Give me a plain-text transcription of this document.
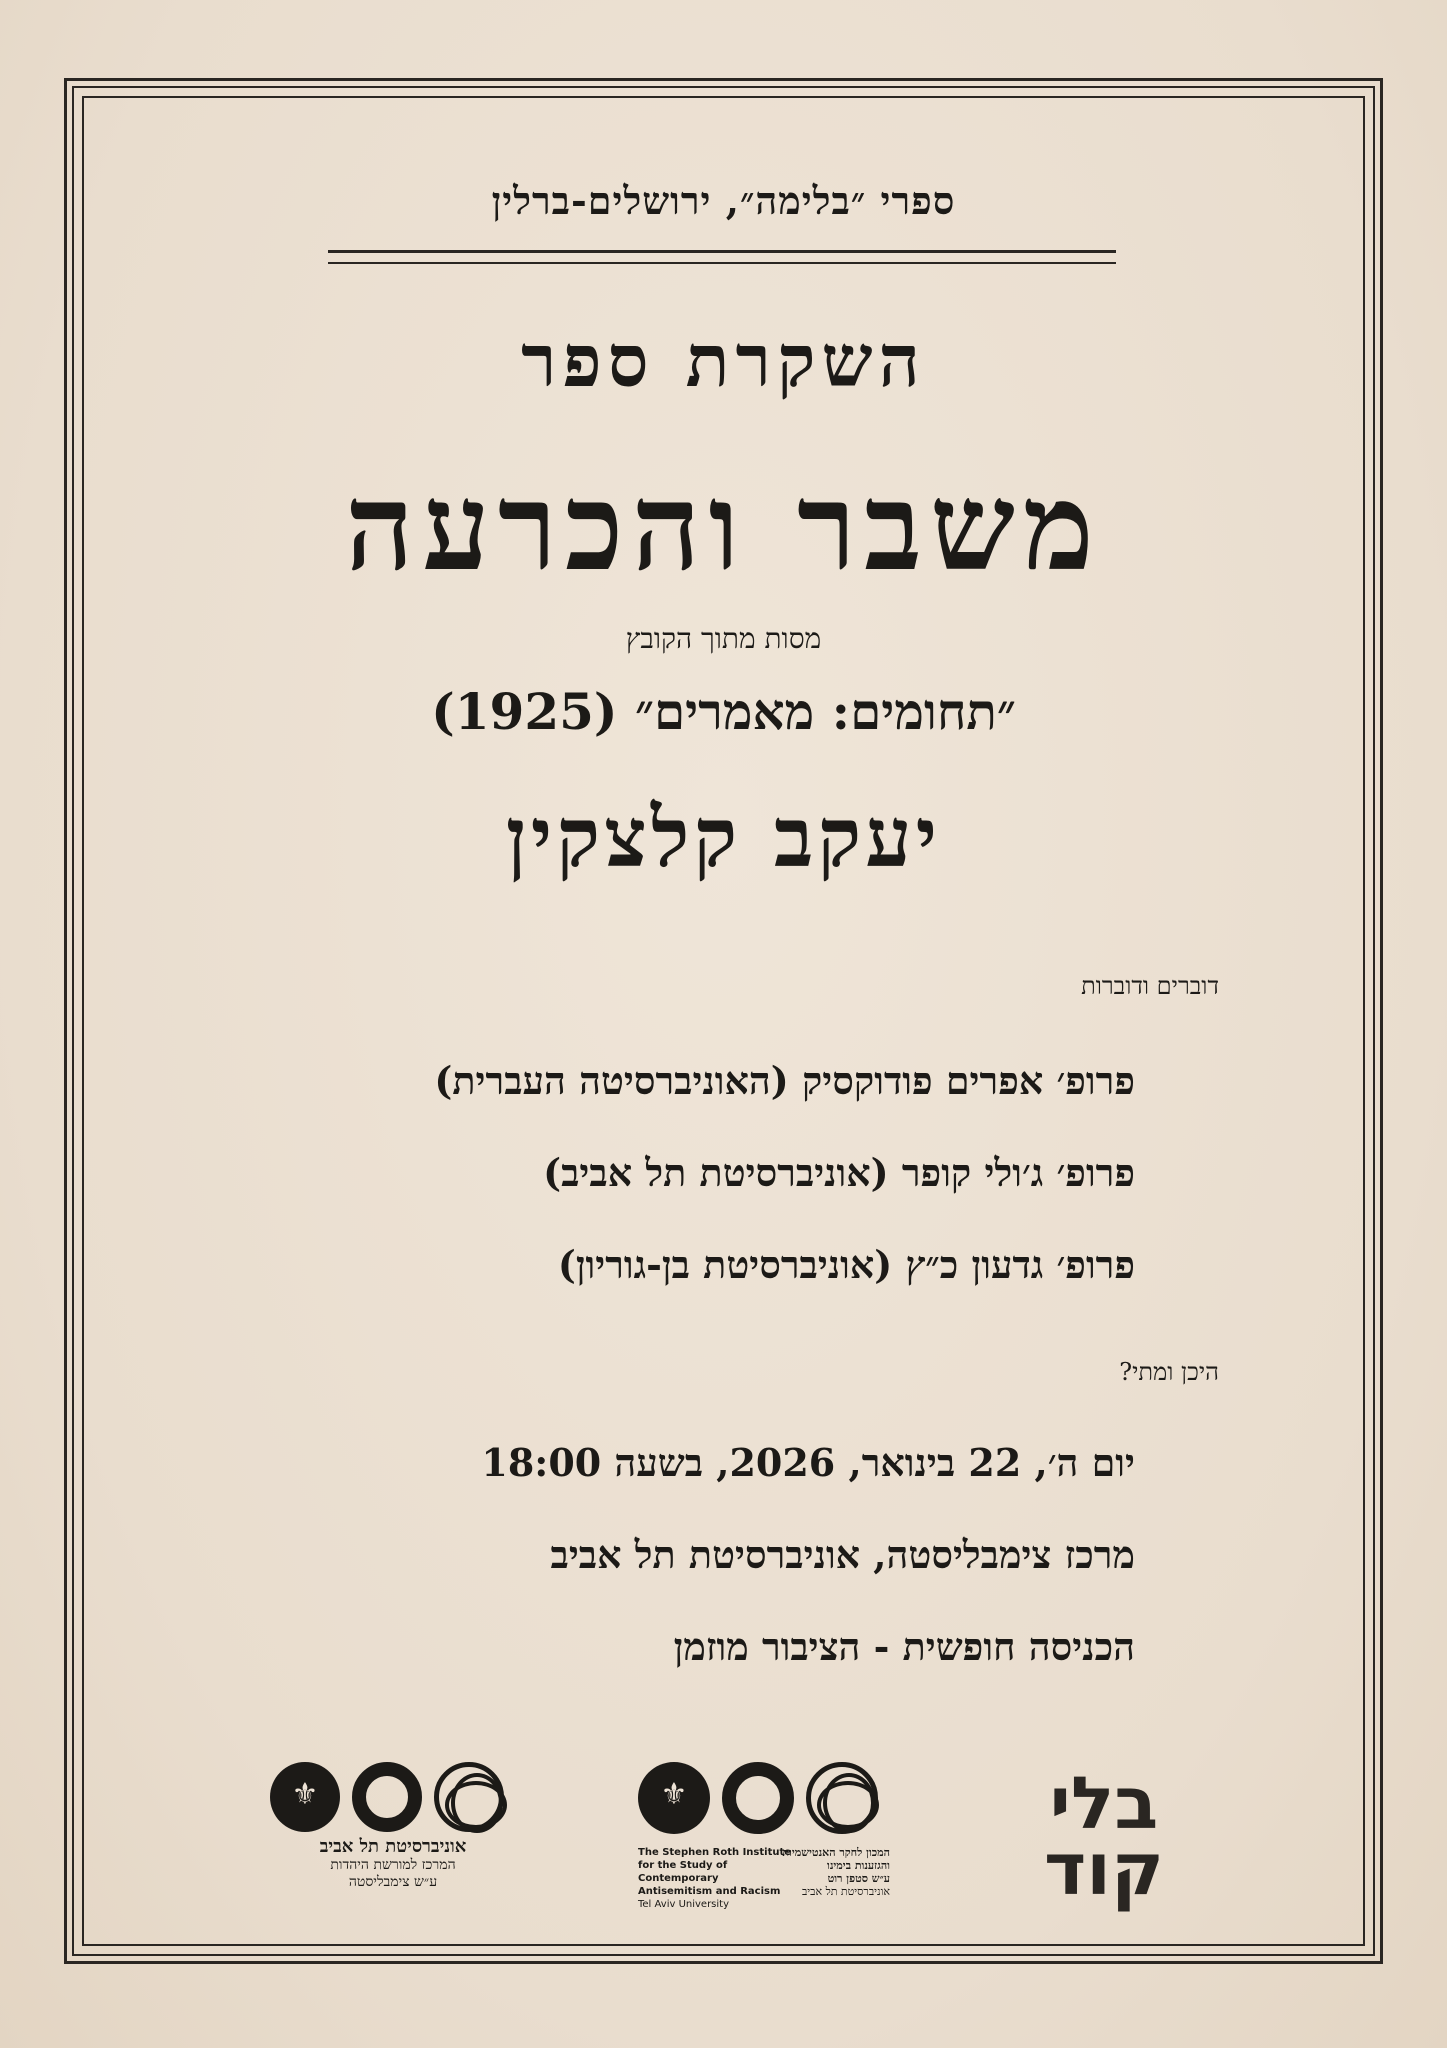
ספרי ״בלימה״, ירושלים-ברלין
השקרת ספר
משבר והכרעה
מסות מתוך הקובץ
״תחומים: מאמרים״ (1925)
יעקב קלצקין
דוברים ודוברות
פרופ׳ אפרים פודוקסיק (האוניברסיטה העברית)
פרופ׳ ג׳ולי קופר (אוניברסיטת תל אביב)
פרופ׳ גדעון כ״ץ (אוניברסיטת בן-גוריון)
היכן ומתי?
יום ה׳, 22 בינואר, 2026, בשעה 18:00
מרכז צימבליסטה, אוניברסיטת תל אביב
הכניסה חופשית - הציבור מוזמן
⚜
אוניברסיטת תל אביב
המרכז למורשת היהדות
ע״ש צימבליסטה
⚜
The Stephen Roth Institute
for the Study of Contemporary
Antisemitism and Racism
Tel Aviv University
המכון לחקר האנטישמיות
והגזענות בימינו
ע״ש סטפן רוט
אוניברסיטת תל אביב
בלי
קוד
